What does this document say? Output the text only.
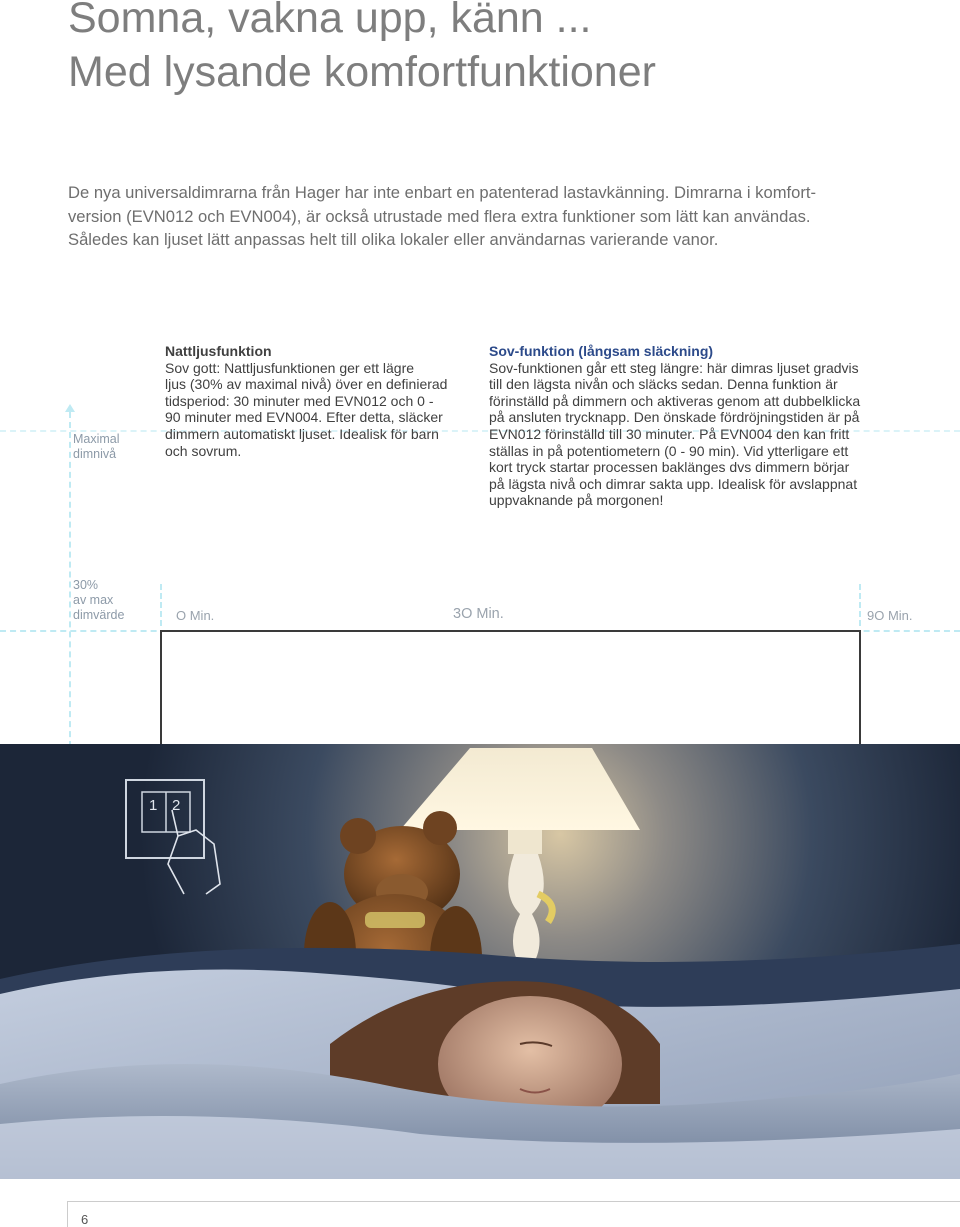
Somna, vakna upp, känn ...
Med lysande komfortfunktioner
De nya universaldimrarna från Hager har inte enbart en patenterad lastavkänning. Dimrarna i komfort-
version (EVN012 och EVN004), är också utrustade med flera extra funktioner som lätt kan användas.
Således kan ljuset lätt anpassas helt till olika lokaler eller användarnas varierande vanor.
Maximal
dimnivå
30%
av max
dimvärde	O Min.	3O Min.	9O Min.
Nattljusfunktion
Sov gott: Nattljusfunktionen ger ett lägre
ljus (30% av maximal nivå) över en definierad
tidsperiod: 30 minuter med EVN012 och 0 -
90 minuter med EVN004. Efter detta, släcker
dimmern automatiskt ljuset. Idealisk för barn
och sovrum.
Sov-funktion (långsam släckning)
Sov-funktionen går ett steg längre: här dimras ljuset gradvis
till den lägsta nivån och släcks sedan. Denna funktion är
förinställd på dimmern och aktiveras genom att dubbelklicka
på ansluten trycknapp. Den önskade fördröjningstiden är på
EVN012 förinställd till 30 minuter. På EVN004 den kan fritt
ställas in på potentiometern (0 - 90 min). Vid ytterligare ett
kort tryck startar processen baklänges dvs dimmern börjar
på lägsta nivå och dimrar sakta upp. Idealisk för avslappnat
uppvaknande på morgonen!
1 2
6
